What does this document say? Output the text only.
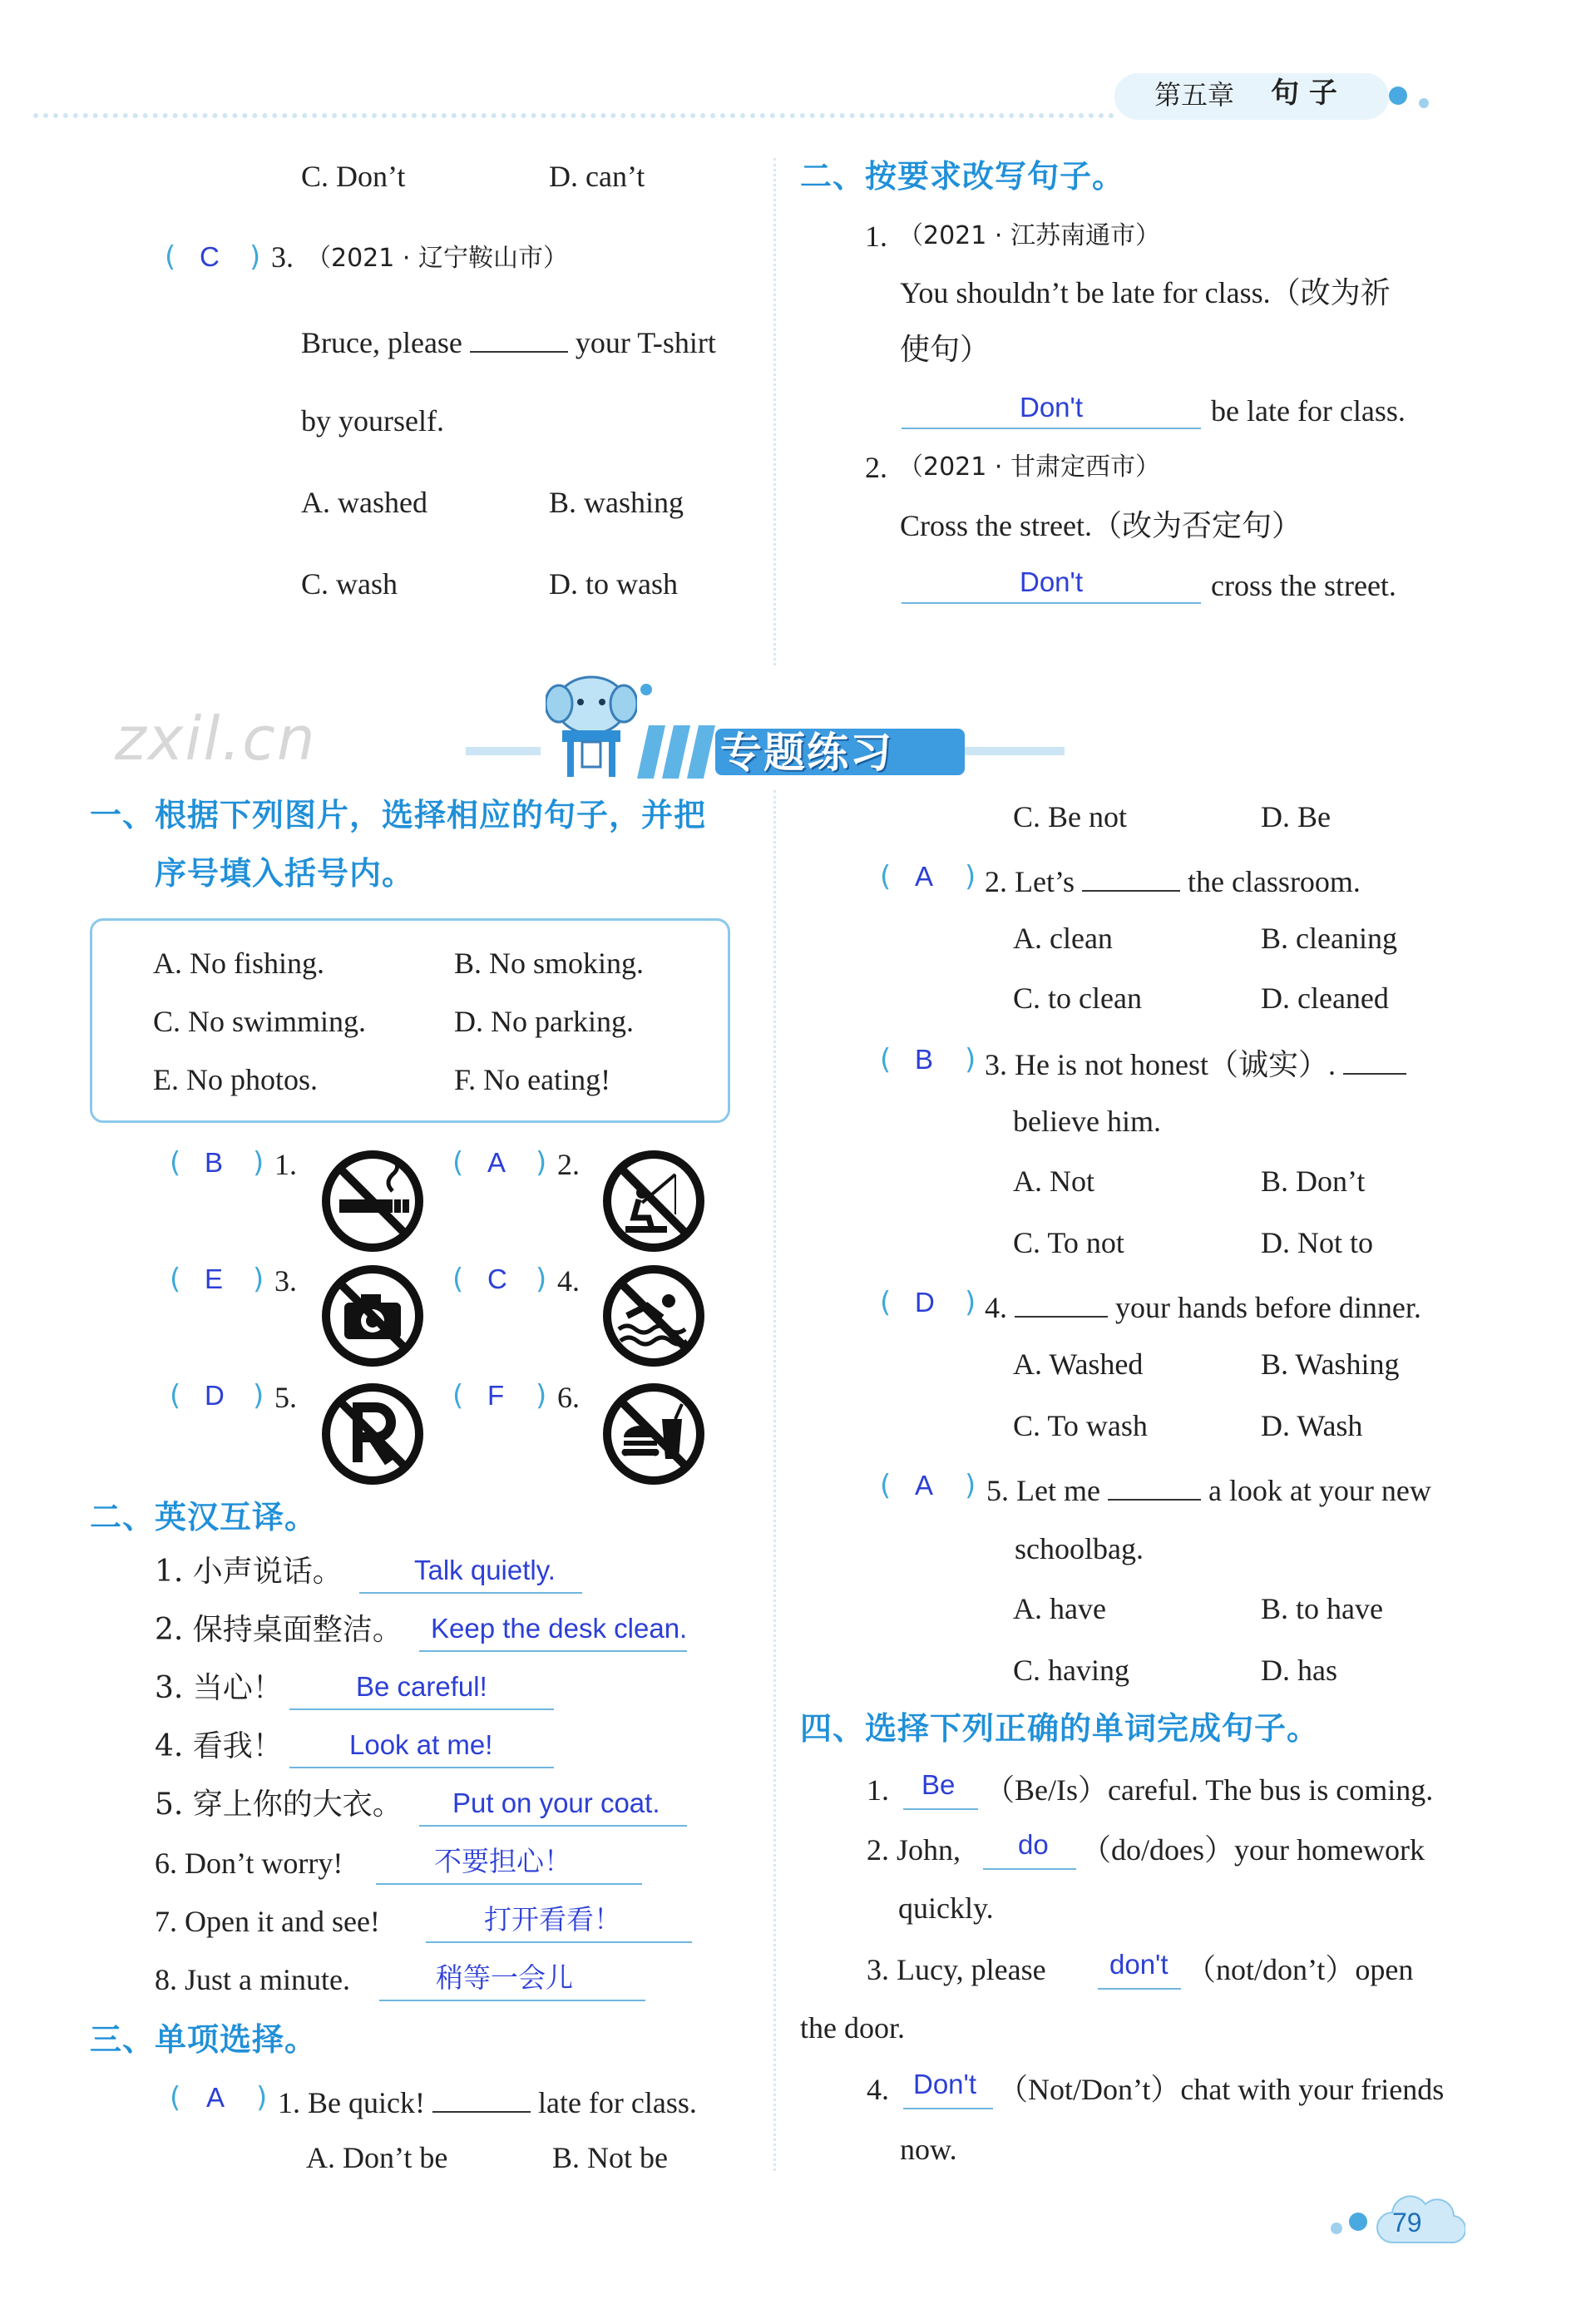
第五章 句 子
C. Don’t	D. can’t
( C ) 3. （2021 · 辽宁鞍山市）
Bruce, please	your T-shirt
by yourself.
A. washed	B. washing
C. wash	D. to wash
二、按要求改写句子。
1. （2021 · 江苏南通市）
You shouldn’t be late for class.（改为祈
使句）
Don't	be late for class.
2. （2021 · 甘肃定西市）
Cross the street.（改为否定句）
Don't	cross the street.
zxil.cn	专题练习
一、根据下列图片，选择相应的句子，并把
序号填入括号内。
A. No fishing.	B. No smoking.
C. No swimming.	D. No parking.
E. No photos.	F. No eating!
( B ) 1.	( A ) 2.
( E ) 3.	( C ) 4.
( D ) 5.	( F ) 6.
二、英汉互译。
1. 小声说话。	Talk quietly.
2. 保持桌面整洁。 Keep the desk clean.
3. 当心！	Be careful!
4. 看我！ Look at me!
5. 穿上你的大衣。 Put on your coat.
6. Don’t worry!	不要担心！
7. Open it and see!	打开看看！
8. Just a minute.	稍等一会儿
三、单项选择。
( A ) 1. Be quick!	late for class.
A. Don’t be	B. Not be
C. Be not	D. Be
( A ) 2. Let’s	the classroom.
A. clean	B. cleaning
C. to clean	D. cleaned
( B ) 3. He is not honest（诚实）.
believe him.
A. Not	B. Don’t
C. To not	D. Not to
( D ) 4.	your hands before dinner.
A. Washed	B. Washing
C. To wash	D. Wash
( A ) 5. Let me	a look at your new
schoolbag.
A. have	B. to have
C. having	D. has
四、选择下列正确的单词完成句子。
1. Be （Be/Is）careful. The bus is coming.
2. John, do （do/does）your homework
quickly.
3. Lucy, please don't （not/don’t）open
the door.
4. Don't （Not/Don’t）chat with your friends
now.
79
